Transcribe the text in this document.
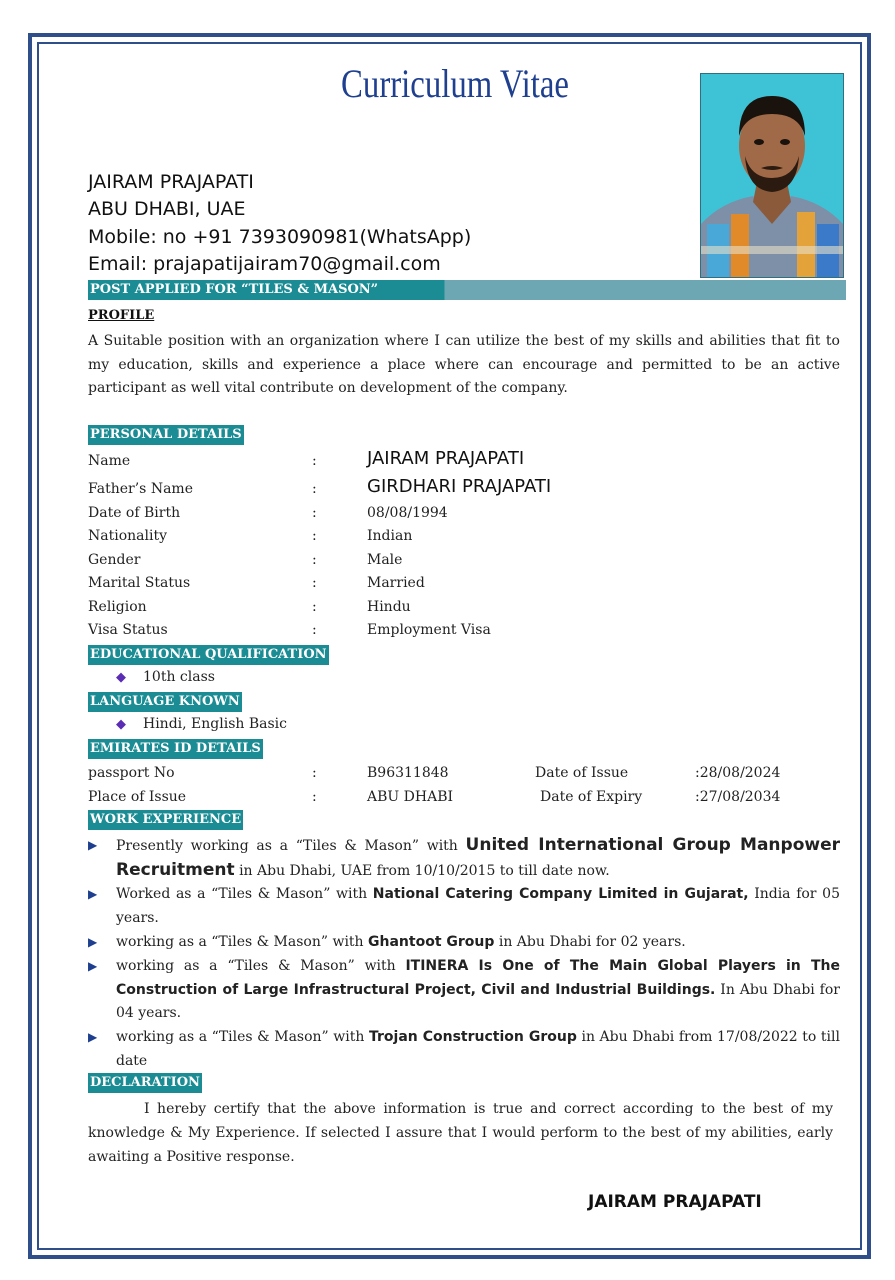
Curriculum Vitae
JAIRAM PRAJAPATI
ABU DHABI, UAE
Mobile: no +91 7393090981(WhatsApp)
Email: prajapatijairam70@gmail.com
POST APPLIED FOR “TILES & MASON”
PROFILE
A Suitable position with an organization where I can utilize the best of my skills and abilities that fit to my education, skills and experience a place where can encourage and permitted to be an active participant as well vital contribute on development of the company.
PERSONAL DETAILS
Name	:	JAIRAM PRAJAPATI
Father’s Name	:	GIRDHARI PRAJAPATI
Date of Birth	:	08/08/1994
Nationality	:	Indian
Gender	:	Male
Marital Status	:	Married
Religion	:	Hindu
Visa Status	:	Employment Visa
EDUCATIONAL QUALIFICATION
◆ 10th class
LANGUAGE KNOWN
◆ Hindi, English Basic
EMIRATES ID DETAILS
passport No	:	B96311848	Date of Issue	:28/08/2024
Place of Issue	:	ABU DHABI	Date of Expiry	:27/08/2034
WORK EXPERIENCE
▶ Presently working as a “Tiles & Mason” with United International Group Manpower Recruitment in Abu Dhabi, UAE from 10/10/2015 to till date now.
▶ Worked as a “Tiles & Mason” with National Catering Company Limited in Gujarat, India for 05 years.
▶ working as a “Tiles & Mason” with Ghantoot Group in Abu Dhabi for 02 years.
▶ working as a “Tiles & Mason” with ITINERA Is One of The Main Global Players in The Construction of Large Infrastructural Project, Civil and Industrial Buildings. In Abu Dhabi for 04 years.
▶ working as a “Tiles & Mason” with Trojan Construction Group in Abu Dhabi from 17/08/2022 to till date
DECLARATION
I hereby certify that the above information is true and correct according to the best of my knowledge & My Experience. If selected I assure that I would perform to the best of my abilities, early awaiting a Positive response.
JAIRAM PRAJAPATI
